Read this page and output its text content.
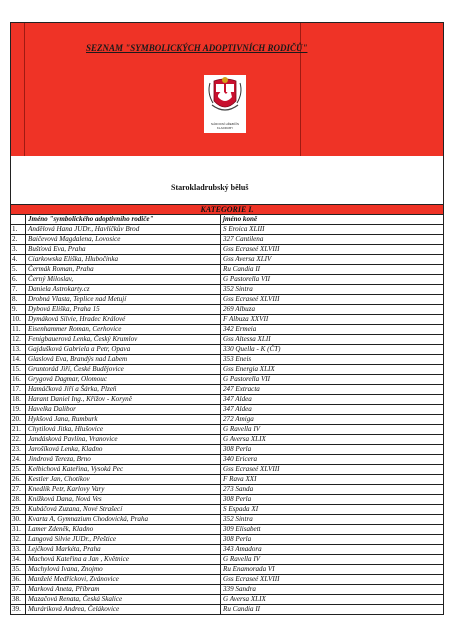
SEZNAM "SYMBOLICKÝCH ADOPTIVNÍCH RODIČŮ"
NÁRODNÍ HŘEBČÍN KLADRUBY
Starokladrubský běluš
KATEGORIE I.
	Jméno "symbolického adoptivního rodiče"	jméno koně
1.	Andělová Hana JUDr., Havlíčkův Brod	S Eroica XLIII
2.	Baičevová Magdalena, Lovosice	327 Cantilena
3.	Bušťová Eva, Praha	Gss Ecraseé XLVIII
4.	Ciarkowska Eliška, Hlubočinka	Gss Aversa XLIV
5.	Čermák Roman, Praha	Ru Candia II
6.	Černý Miloslav,	G Pastorella VII
7.	Daniela Astrokarty.cz	352 Sintra
8.	Drobná Vlasta, Teplice nad Metují	Gss Ecraseé XLVIII
9.	Dybová Eliška, Praha 15	269 Albuza
10.	Dymáková Silvie, Hradec Králové	F Albuza XXVII
11.	Eisenhammer Roman, Cerhovice	342 Ermeia
12.	Fenigbauerová Lenka, Český Krumlov	Gss Altessa XLII
13.	Gajdušková Gabriela a Petr, Opava	330 Quella - K (ČT)
14.	Glaslová Eva, Brandýs nad Labem	353 Eneis
15.	Gruntorád Jiří, České Budějovice	Gss Energia XLIX
16.	Grygová Dagmar, Olomouc	G Pastorella VII
17.	Hamáčková Jiří a Šárka, Plzeň	247 Extracta
18.	Harant Daniel Ing., Křižov - Koryně	347 Aldea
19.	Havelka Dalibor	347 Aldea
20.	Hykšová Jana, Rumburk	272 Amiga
21.	Chytilová Jitka, Hlušovice	G Ravella IV
22.	Jandásková Pavlína, Vranovice	G Aversa XLIX
23.	Jarošíková Lenka, Kladno	308 Perla
24.	Jindrová Tereza, Brno	340 Ericera
25.	Kelbichová Kateřina, Vysoká Pec	Gss Ecraseé XLVIII
26.	Kestler Jan, Chotíkov	F Rava XXI
27.	Knedlík Petr, Karlovy Vary	273 Sanda
28.	Knížková Dana, Nová Ves	308 Perla
29.	Kubáčová Zuzana, Nové Strašecí	S Espada XI
30.	Kvarta A, Gymnazium Chodovická, Praha	352 Sintra
31.	Lamer Zdeněk, Kladno	309 Elisabett
32.	Langová Silvie JUDr., Přeštice	308 Perla
33.	Lejčková Markéta, Praha	343 Amadora
34.	Machová Kateřina a Jan , Květnice	G Ravella IV
35.	Machylová Ivana, Znojmo	Ru Enamorada VI
36.	Manželé Medříckovi, Zvánovice	Gss Ecraseé XLVIII
37.	Marková Aneta, Příbram	339 Sandra
38.	Mazačová Renata, Česká Skalice	G Aversa XLIX
39.	Muráriková Andrea, Čelákovice	Ru Candia II
